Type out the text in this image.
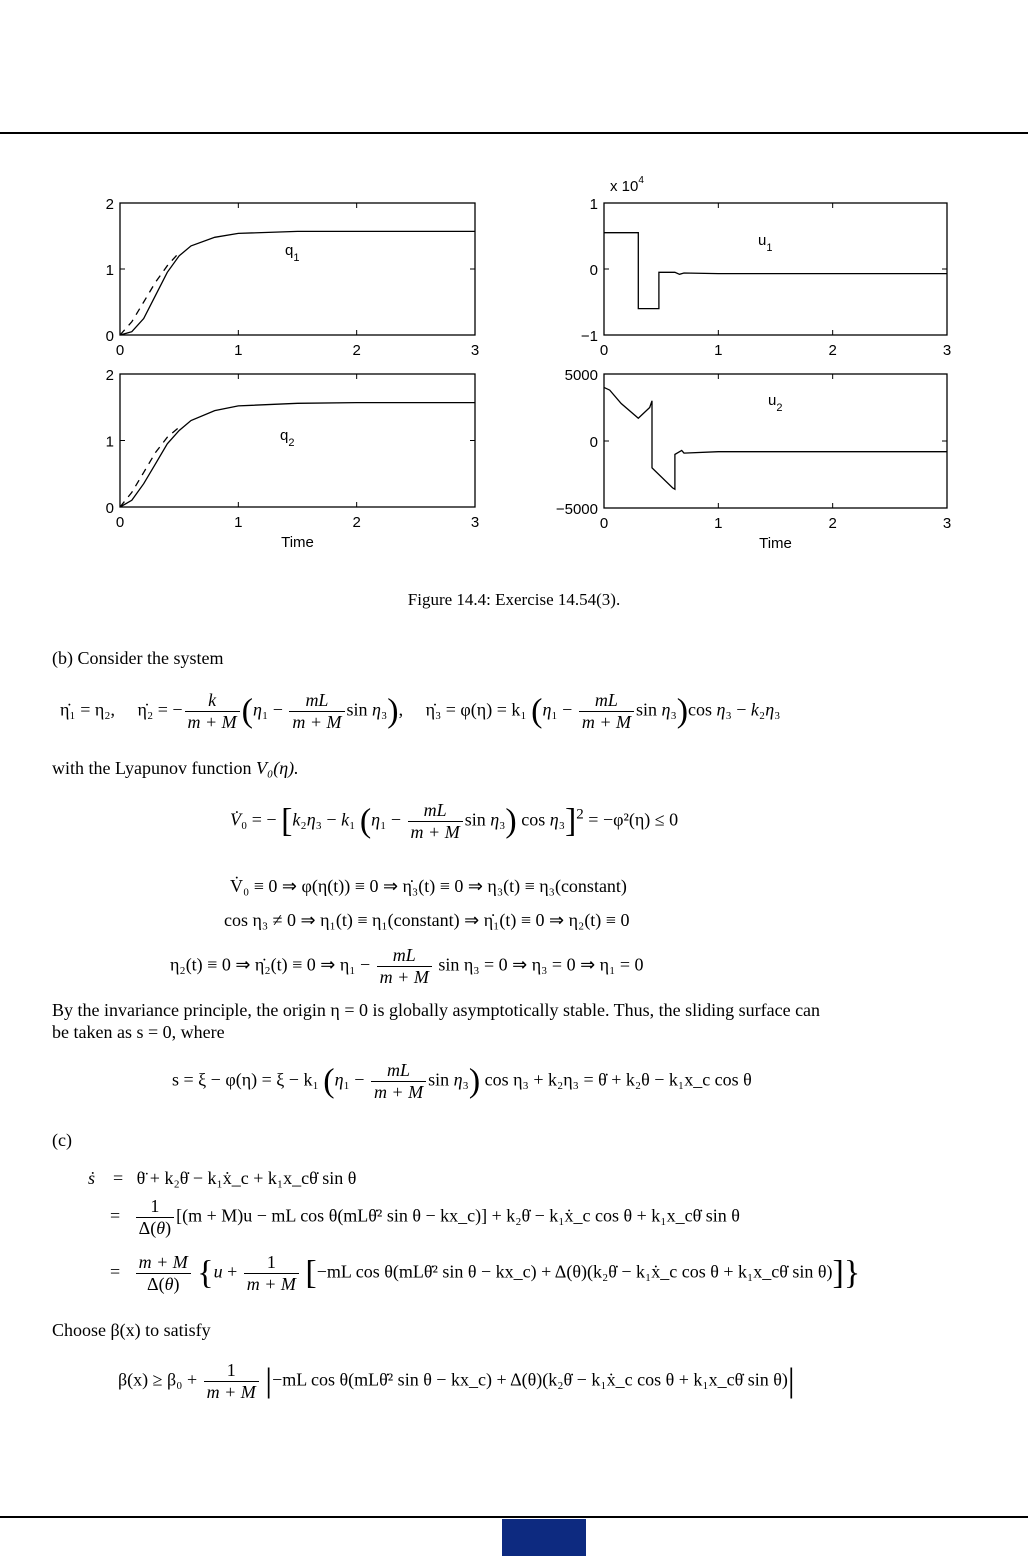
0
1
2
0	1	2	3
$q_1$
0
1
2
0	1	2	3
$q_2$
Time
−1
0
1
0	1	2	3
$u_1$
x $10^4$
−5000
0
5000
0	1	2	3
$u_2$
Time
Figure 14.4: Exercise 14.54(3).
(b) Consider the system
η̇₁ = η₂, η̇₂ = − $\frac{k}{m + M} (\eta_1 - \frac{mL}{m + M}$ sin η₃),     η̇₃ = φ(η) = k₁ ($\eta_1 - \frac{mL}{m + M}$ sin η₃)cos η₃ − k₂η₃
with the Lyapunov function V₀(η).
V̇₀ = − [k₂η₃ − k₁ ($\eta_1 - \frac{mL}{m + M}$ sin η₃) cos η₃]$^2$ = −φ²(η) ≤ 0
V̇₀ ≡ 0 ⇒ φ(η(t)) ≡ 0 ⇒ η̇₃(t) ≡ 0 ⇒ η₃(t) ≡ η₃(constant)
cos η₃ ≠ 0 ⇒ η₁(t) ≡ η₁(constant) ⇒ η̇₁(t) ≡ 0 ⇒ η₂(t) ≡ 0
η₂(t) ≡ 0 ⇒ η̇₂(t) ≡ 0 ⇒ $\eta_1 - \frac{mL}{m + M}$ sin η₃ = 0 ⇒ η₃ = 0 ⇒ η₁ = 0
By the invariance principle, the origin η = 0 is globally asymptotically stable. Thus, the sliding surface can
be taken as s = 0, where
s = ξ − φ(η) = ξ − k₁ ($\eta_1 - \frac{mL}{m + M}$ sin η₃) cos η₃ + k₂η₃ = θ̇ + k₂θ − k₁x_c cos θ
(c)
ṡ    =   θ̈ + k₂θ̇ − k₁ẋ_c + k₁x_cθ̇ sin θ
= $\frac{1}{\Delta(\theta)} [(m + M)u$ − mL cos θ(mLθ̇² sin θ − kx_c)] + k₂θ̇ − k₁ẋ_c cos θ + k₁x_cθ̇ sin θ
= $\frac{m + M}{\Delta(\theta)} \{u + \frac{1}{m + M} [-mL$ cos θ(mLθ̇² sin θ − kx_c) + Δ(θ)(k₂θ̇ − k₁ẋ_c cos θ + k₁x_cθ̇ sin θ)]}
Choose β(x) to satisfy
$\beta(x) \ge \beta_0 + \frac{1}{m + M} |-mL$ cos θ(mLθ̇² sin θ − kx_c) + Δ(θ)(k₂θ̇ − k₁ẋ_c cos θ + k₁x_cθ̇ sin θ)|
